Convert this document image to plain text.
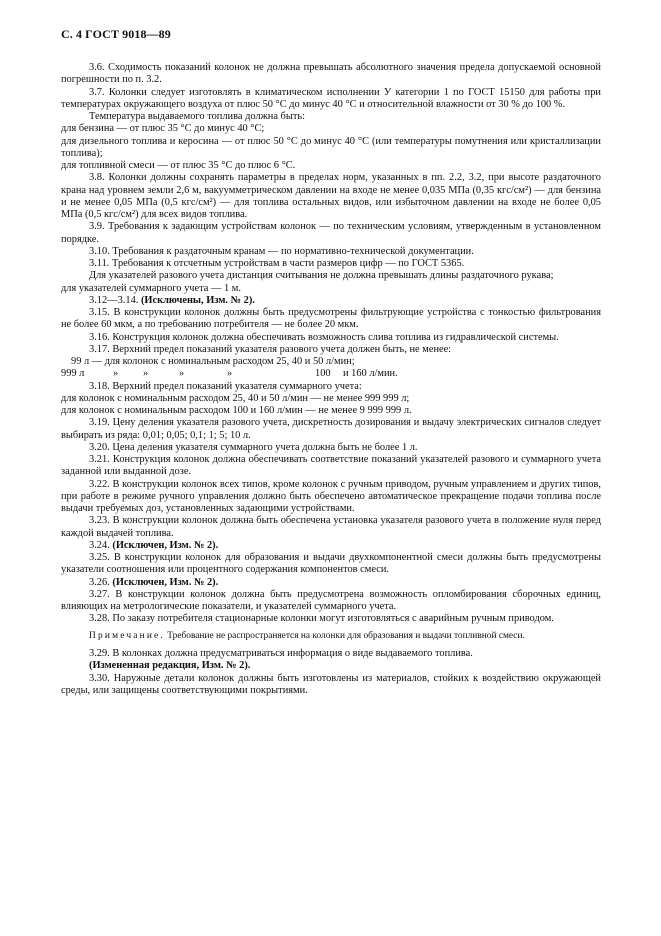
С. 4 ГОСТ 9018—89

3.6. Сходимость показаний колонок не должна превышать абсолютного значения предела допускаемой основной погрешности по п. 3.2.

3.7. Колонки следует изготовлять в климатическом исполнении У категории 1 по ГОСТ 15150 для работы при температурах окружающего воздуха от плюс 50 °С до минус 40 °С и относительной влажности от 30 % до 100 %.

Температура выдаваемого топлива должна быть:

для бензина — от плюс 35 °С до минус 40 °С;

для дизельного топлива и керосина — от плюс 50 °С до минус 40 °С (или температуры помутнения или кристаллизации топлива);

для топливной смеси — от плюс 35 °С до плюс 6 °С.

3.8. Колонки должны сохранять параметры в пределах норм, указанных в пп. 2.2, 3.2, при высоте раздаточного крана над уровнем земли 2,6 м, вакуумметрическом давлении на входе не менее 0,035 МПа (0,35 кгс/см²) — для бензина и не менее 0,05 МПа (0,5 кгс/см²) — для топлива остальных видов, или избыточном давлении на входе не более 0,05 МПа (0,5 кгс/см²) для всех видов топлива.

3.9. Требования к задающим устройствам колонок — по техническим условиям, утвержденным в установленном порядке.

3.10. Требования к раздаточным кранам — по нормативно-технической документации.

3.11. Требования к отсчетным устройствам в части размеров цифр — по ГОСТ 5365.

Для указателей разового учета дистанция считывания не должна превышать длины раздаточного рукава;

для указателей суммарного учета — 1 м.

3.12—3.14. (Исключены, Изм. № 2).

3.15. В конструкции колонок должны быть предусмотрены фильтрующие устройства с тонкостью фильтрования не более 60 мкм, а по требованию потребителя — не более 20 мкм.

3.16. Конструкция колонок должна обеспечивать возможность слива топлива из гидравлической системы.

3.17. Верхний предел показаний указателя разового учета должен быть, не менее:

99 л — для колонок с номинальным расходом 25, 40 и 50 л/мин;

999 л	»	»	»	»	100	и 160 л/мин.

3.18. Верхний предел показаний указателя суммарного учета:

для колонок с номинальным расходом 25, 40 и 50 л/мин — не менее 999 999 л;

для колонок с номинальным расходом 100 и 160 л/мин — не менее 9 999 999 л.

3.19. Цену деления указателя разового учета, дискретность дозирования и выдачу электрических сигналов следует выбирать из ряда: 0,01; 0,05; 0,1; 1; 5; 10 л.

3.20. Цена деления указателя суммарного учета должна быть не более 1 л.

3.21. Конструкция колонок должна обеспечивать соответствие показаний указателей разового и суммарного учета заданной или выданной дозе.

3.22. В конструкции колонок всех типов, кроме колонок с ручным приводом, ручным управлением и других типов, при работе в режиме ручного управления должно быть обеспечено автоматическое прекращение подачи топлива после выдачи требуемых доз, установленных задающими устройствами.

3.23. В конструкции колонок должна быть обеспечена установка указателя разового учета в положение нуля перед каждой выдачей топлива.

3.24. (Исключен, Изм. № 2).

3.25. В конструкции колонок для образования и выдачи двухкомпонентной смеси должны быть предусмотрены указатели соотношения или процентного содержания компонентов смеси.

3.26. (Исключен, Изм. № 2).

3.27. В конструкции колонок должна быть предусмотрена возможность опломбирования сборочных единиц, влияющих на метрологические показатели, и указателей суммарного учета.

3.28. По заказу потребителя стационарные колонки могут изготовляться с аварийным ручным приводом.

Примечание. Требование не распространяется на колонки для образования и выдачи топливной смеси.

3.29. В колонках должна предусматриваться информация о виде выдаваемого топлива.

(Измененная редакция, Изм. № 2).

3.30. Наружные детали колонок должны быть изготовлены из материалов, стойких к воздействию окружающей среды, или защищены соответствующими покрытиями.
